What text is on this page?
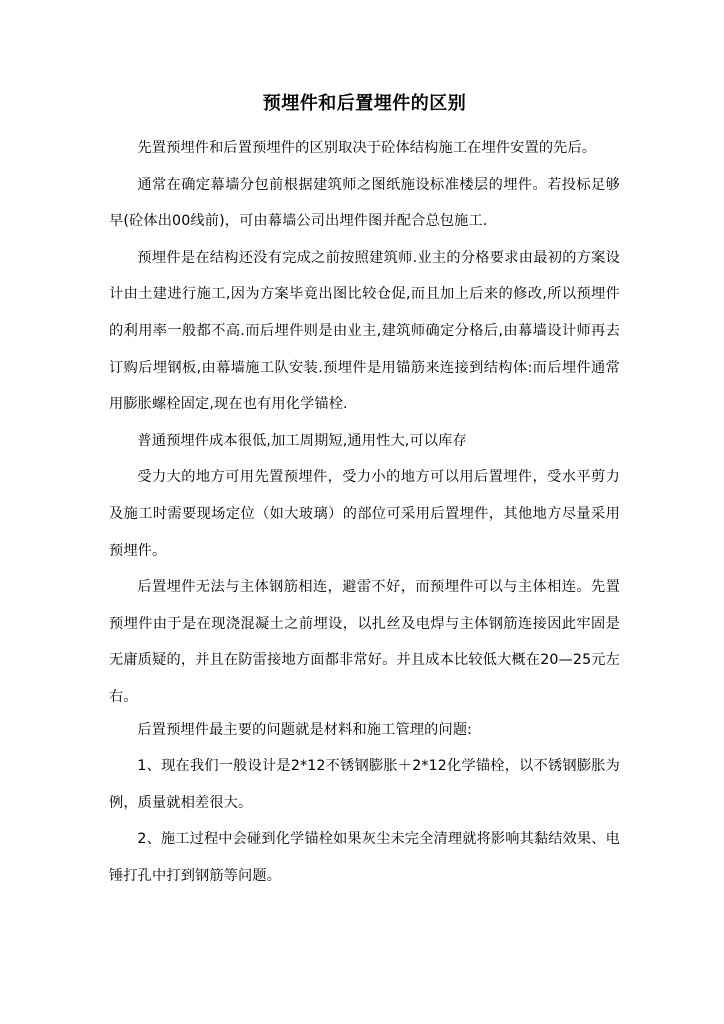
预埋件和后置埋件的区别

先置预埋件和后置预埋件的区别取决于砼体结构施工在埋件安置的先后。

通常在确定幕墙分包前根据建筑师之图纸施设标准楼层的埋件。若投标足够早(砼体出00线前)，可由幕墙公司出埋件图并配合总包施工.

预埋件是在结构还没有完成之前按照建筑师.业主的分格要求由最初的方案设计由土建进行施工,因为方案毕竟出图比较仓促,而且加上后来的修改,所以预埋件的利用率一般都不高.而后埋件则是由业主,建筑师确定分格后,由幕墙设计师再去订购后埋钢板,由幕墙施工队安装.预埋件是用锚筋来连接到结构体:而后埋件通常用膨胀螺栓固定,现在也有用化学锚栓.

普通预埋件成本很低,加工周期短,通用性大,可以库存

受力大的地方可用先置预埋件，受力小的地方可以用后置埋件，受水平剪力及施工时需要现场定位（如大玻璃）的部位可采用后置埋件，其他地方尽量采用预埋件。

后置埋件无法与主体钢筋相连，避雷不好，而预埋件可以与主体相连。先置预埋件由于是在现浇混凝土之前埋设，以扎丝及电焊与主体钢筋连接因此牢固是无庸质疑的，并且在防雷接地方面都非常好。并且成本比较低大概在20—25元左右。

后置预埋件最主要的问题就是材料和施工管理的问题:

1、现在我们一般设计是2*12不锈钢膨胀＋2*12化学锚栓，以不锈钢膨胀为例，质量就相差很大。

2、施工过程中会碰到化学锚栓如果灰尘未完全清理就将影响其黏结效果、电锤打孔中打到钢筋等问题。
